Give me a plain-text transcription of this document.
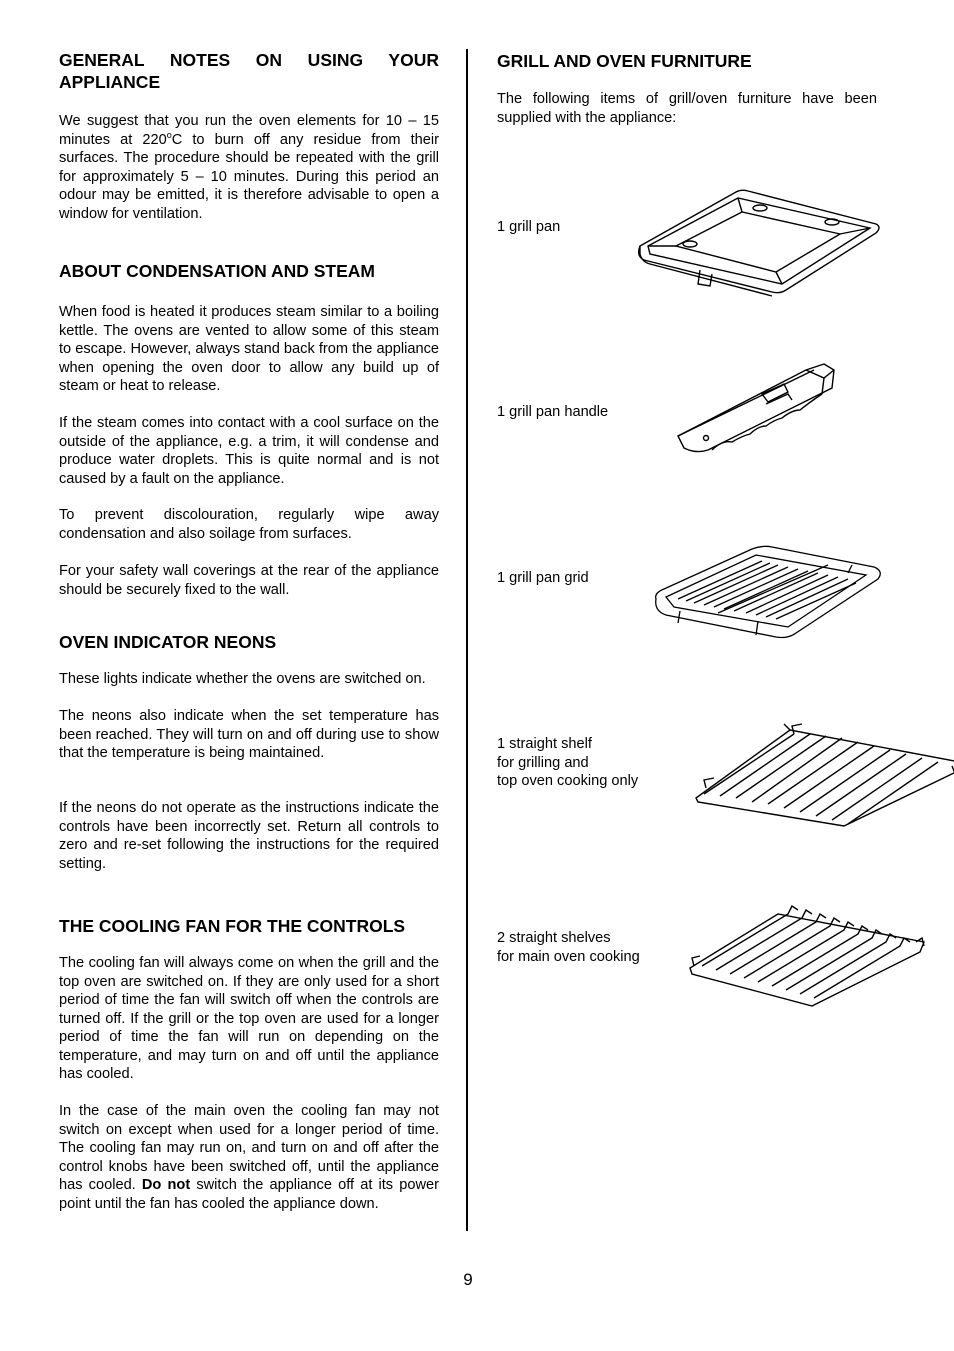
GENERAL NOTES ON USING YOUR APPLIANCE

We suggest that you run the oven elements for 10 – 15 minutes at 220$^o$C to burn off any residue from their surfaces. The procedure should be repeated with the grill for approximately 5 – 10 minutes. During this period an odour may be emitted, it is therefore advisable to open a window for ventilation.

ABOUT CONDENSATION AND STEAM

When food is heated it produces steam similar to a boiling kettle. The ovens are vented to allow some of this steam to escape. However, always stand back from the appliance when opening the oven door to allow any build up of steam or heat to release.

If the steam comes into contact with a cool surface on the outside of the appliance, e.g. a trim, it will condense and produce water droplets. This is quite normal and is not caused by a fault on the appliance.

To prevent discolouration, regularly wipe away condensation and also soilage from surfaces.

For your safety wall coverings at the rear of the appliance should be securely fixed to the wall.

OVEN INDICATOR NEONS

These lights indicate whether the ovens are switched on.

The neons also indicate when the set temperature has been reached. They will turn on and off during use to show that the temperature is being maintained.

If the neons do not operate as the instructions indicate the controls have been incorrectly set. Return all controls to zero and re-set following the instructions for the required setting.

THE COOLING FAN FOR THE CONTROLS

The cooling fan will always come on when the grill and the top oven are switched on. If they are only used for a short period of time the fan will switch off when the controls are turned off. If the grill or the top oven are used for a longer period of time the fan will run on depending on the temperature, and may turn on and off until the appliance has cooled.

In the case of the main oven the cooling fan may not switch on except when used for a longer period of time. The cooling fan may run on, and turn on and off after the control knobs have been switched off, until the appliance has cooled. Do not switch the appliance off at its power point until the fan has cooled the appliance down.

GRILL AND OVEN FURNITURE

The following items of grill/oven furniture have been supplied with the appliance:

1 grill pan
1 grill pan handle
1 grill pan grid
1 straight shelf
for grilling and
top oven cooking only
2 straight shelves
for main oven cooking
9
